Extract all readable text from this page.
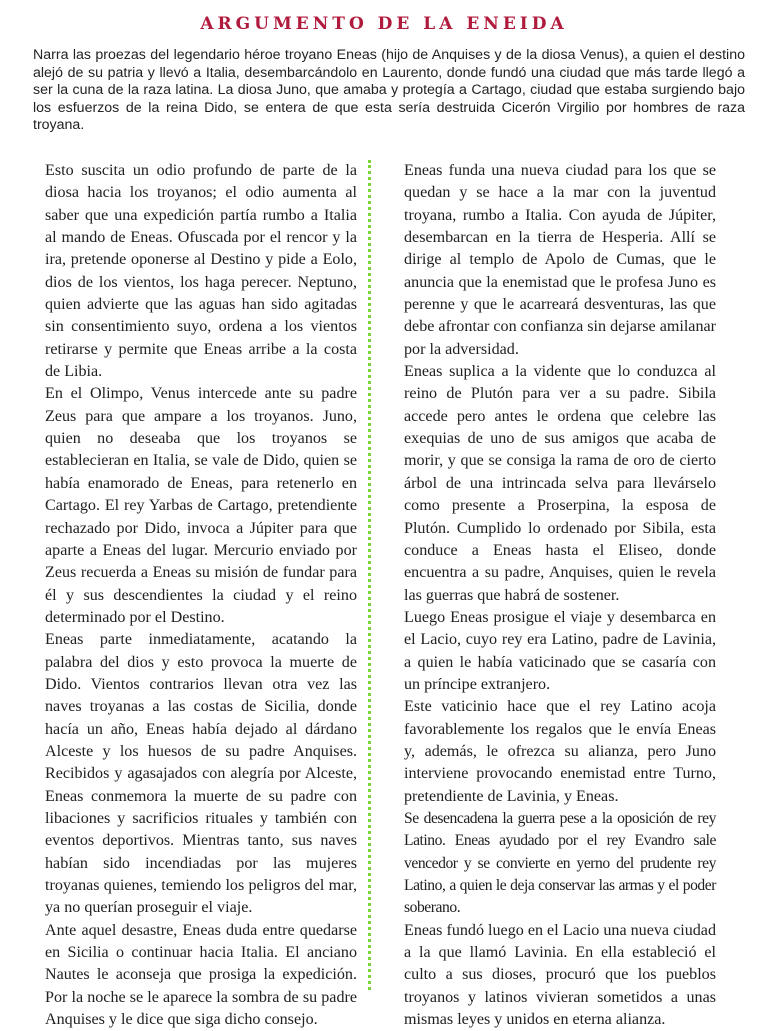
ARGUMENTO DE LA ENEIDA
Narra las proezas del legendario héroe troyano Eneas (hijo de Anquises y de la diosa Venus), a quien el destino alejó de su patria y llevó a Italia, desembarcándolo en Laurento, donde fundó una ciudad que más tarde llegó a ser la cuna de la raza latina. La diosa Juno, que amaba y protegía a Cartago, ciudad que estaba surgiendo bajo los esfuerzos de la reina Dido, se entera de que esta sería destruida Cicerón Virgilio por hombres de raza troyana.

Esto suscita un odio profundo de parte de la diosa hacia los troyanos; el odio aumenta al saber que una expedición partía rumbo a Italia al mando de Eneas. Ofuscada por el rencor y la ira, pretende oponerse al Destino y pide a Eolo, dios de los vientos, los haga perecer. Neptuno, quien advierte que las aguas han sido agitadas sin consentimiento suyo, ordena a los vientos retirarse y permite que Eneas arribe a la costa de Libia.

En el Olimpo, Venus intercede ante su padre Zeus para que ampare a los troyanos. Juno, quien no deseaba que los troyanos se establecieran en Italia, se vale de Dido, quien se había enamorado de Eneas, para retenerlo en Cartago. El rey Yarbas de Cartago, pretendiente rechazado por Dido, invoca a Júpiter para que aparte a Eneas del lugar. Mercurio enviado por Zeus recuerda a Eneas su misión de fundar para él y sus descendientes la ciudad y el reino determinado por el Destino.

Eneas parte inmediatamente, acatando la palabra del dios y esto provoca la muerte de Dido. Vientos contrarios llevan otra vez las naves troyanas a las costas de Sicilia, donde hacía un año, Eneas había dejado al dárdano Alceste y los huesos de su padre Anquises. Recibidos y agasajados con alegría por Alceste, Eneas conmemora la muerte de su padre con libaciones y sacrificios rituales y también con eventos deportivos. Mientras tanto, sus naves habían sido incendiadas por las mujeres troyanas quienes, temiendo los peligros del mar, ya no querían proseguir el viaje.

Ante aquel desastre, Eneas duda entre quedarse en Sicilia o continuar hacia Italia. El anciano Nautes le aconseja que prosiga la expedición. Por la noche se le aparece la sombra de su padre Anquises y le dice que siga dicho consejo.

Eneas funda una nueva ciudad para los que se quedan y se hace a la mar con la juventud troyana, rumbo a Italia. Con ayuda de Júpiter, desembarcan en la tierra de Hesperia. Allí se dirige al templo de Apolo de Cumas, que le anuncia que la enemistad que le profesa Juno es perenne y que le acarreará desventuras, las que debe afrontar con confianza sin dejarse amilanar por la adversidad.

Eneas suplica a la vidente que lo conduzca al reino de Plutón para ver a su padre. Sibila accede pero antes le ordena que celebre las exequias de uno de sus amigos que acaba de morir, y que se consiga la rama de oro de cierto árbol de una intrincada selva para llevárselo como presente a Proserpina, la esposa de Plutón. Cumplido lo ordenado por Sibila, esta conduce a Eneas hasta el Eliseo, donde encuentra a su padre, Anquises, quien le revela las guerras que habrá de sostener.

Luego Eneas prosigue el viaje y desembarca en el Lacio, cuyo rey era Latino, padre de Lavinia, a quien le había vaticinado que se casaría con un príncipe extranjero.

Este vaticinio hace que el rey Latino acoja favorablemente los regalos que le envía Eneas y, además, le ofrezca su alianza, pero Juno interviene provocando enemistad entre Turno, pretendiente de Lavinia, y Eneas.

Se desencadena la guerra pese a la oposición de rey Latino. Eneas ayudado por el rey Evandro sale vencedor y se convierte en yerno del prudente rey Latino, a quien le deja conservar las armas y el poder soberano.

Eneas fundó luego en el Lacio una nueva ciudad a la que llamó Lavinia. En ella estableció el culto a sus dioses, procuró que los pueblos troyanos y latinos vivieran sometidos a unas mismas leyes y unidos en eterna alianza.
